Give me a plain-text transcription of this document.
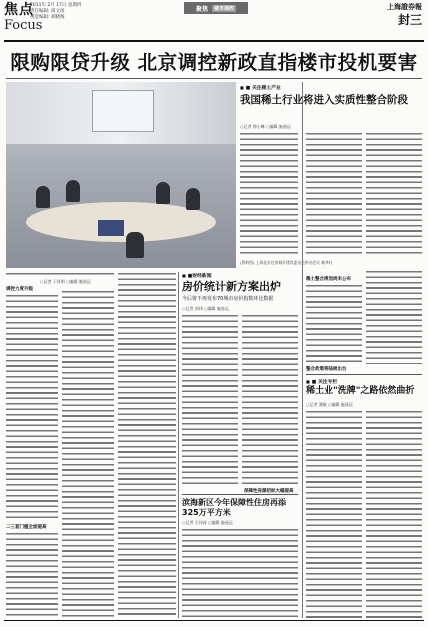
焦点
Focus
2011年 2月 17日 星期四
责任编辑: 商文扬
视觉编辑: 胡晓梅
聚焦	楼市调控	上海證券報
封三
限购限贷升级 北京调控新政直指楼市投机要害
(资料图) 上周北京住房城乡建设委员会举办会议 新华社
○记者 于祥明 ○编辑 施遥远
调控力度升级
二三套门槛全面提高
■ ■财经新闻
房价统计新方案出炉
今后将不再发布70城市房价指数环比数据
○记者 郭伟 ○编辑 施遥远
保障性房源招标大幅提高
滨海新区今年保障性住房再添325万平方米
○记者 王伟涛 ○编辑 施遥远
■ ■ 关注稀土产业
我国稀土行业将进入实质性整合阶段
○记者 徐小琳 ○编辑 施遥远
稀土整合规划尚未公布
整合政策将陆续出台
■ ■ 关注专栏
稀土业"洗牌"之路依然曲折
○记者 潘敏 ○编辑 施遥远
